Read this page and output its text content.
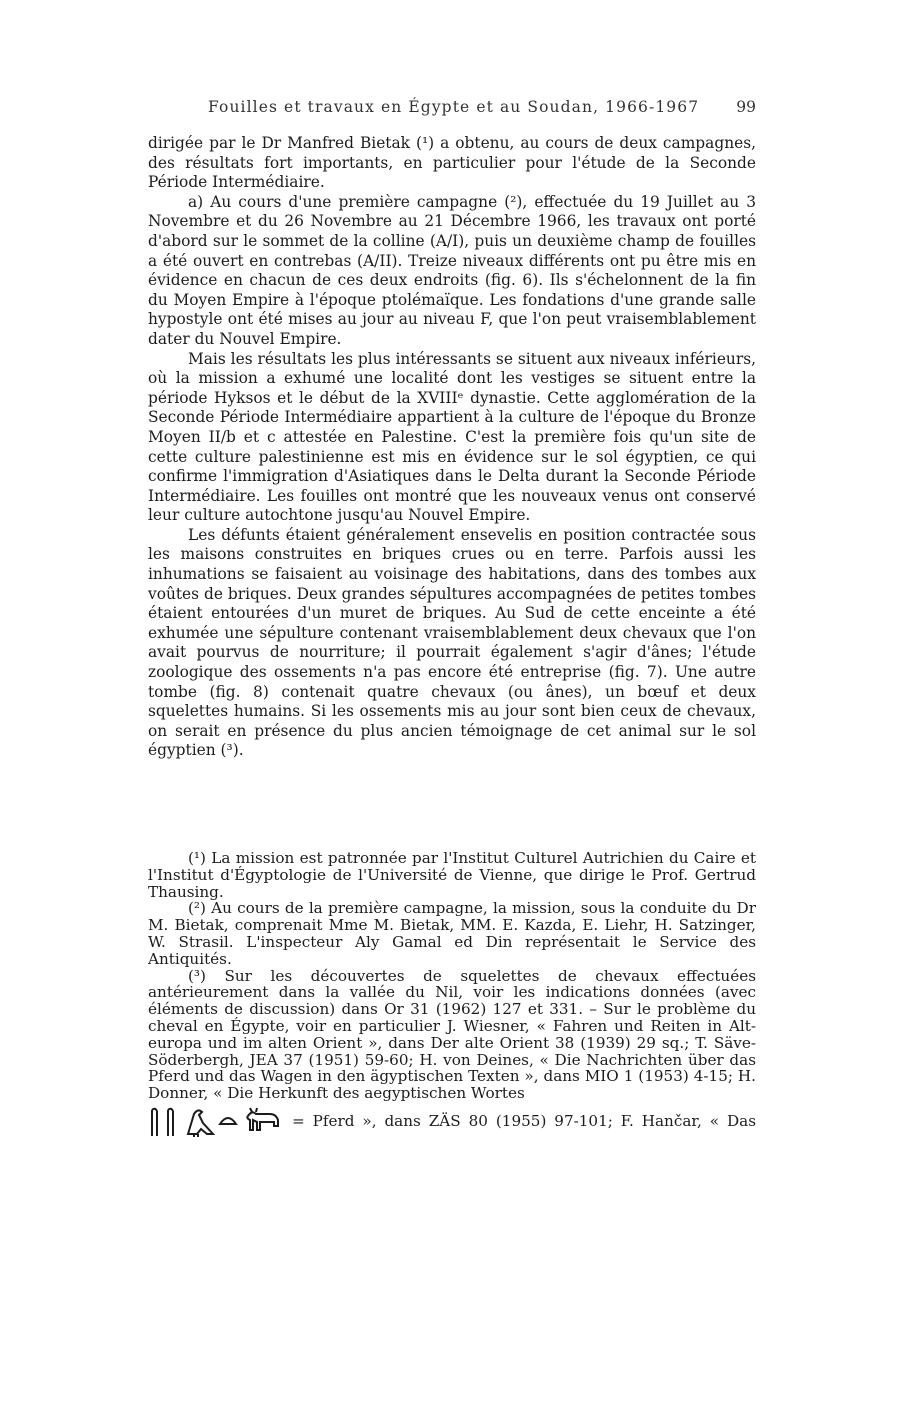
Fouilles et travaux en Égypte et au Soudan, 1966-1967 99

dirigée par le Dr Manfred Bietak (¹) a obtenu, au cours de deux campagnes, des résultats fort importants, en particulier pour l'étude de la Seconde Période Intermédiaire.

a) Au cours d'une première campagne (²), effectuée du 19 Juillet au 3 Novembre et du 26 Novembre au 21 Décembre 1966, les travaux ont porté d'abord sur le sommet de la colline (A/I), puis un deuxième champ de fouilles a été ouvert en contrebas (A/II). Treize niveaux différents ont pu être mis en évidence en chacun de ces deux endroits (fig. 6). Ils s'échelonnent de la fin du Moyen Empire à l'époque ptolémaïque. Les fondations d'une grande salle hypostyle ont été mises au jour au niveau F, que l'on peut vraisemblablement dater du Nouvel Empire.

Mais les résultats les plus intéressants se situent aux niveaux inférieurs, où la mission a exhumé une localité dont les vestiges se situent entre la période Hyksos et le début de la XVIIIᵉ dynastie. Cette agglomération de la Seconde Période Intermédiaire appartient à la culture de l'époque du Bronze Moyen II/b et c attestée en Palestine. C'est la première fois qu'un site de cette culture palestinienne est mis en évidence sur le sol égyptien, ce qui confirme l'immigration d'Asiatiques dans le Delta durant la Seconde Période Intermédiaire. Les fouilles ont montré que les nouveaux venus ont conservé leur culture autochtone jusqu'au Nouvel Empire.

Les défunts étaient généralement ensevelis en position contractée sous les maisons construites en briques crues ou en terre. Parfois aussi les inhumations se faisaient au voisinage des habitations, dans des tombes aux voûtes de briques. Deux grandes sépultures accompagnées de petites tombes étaient entourées d'un muret de briques. Au Sud de cette enceinte a été exhumée une sépulture contenant vraisemblablement deux chevaux que l'on avait pourvus de nourriture; il pourrait également s'agir d'ânes; l'étude zoologique des ossements n'a pas encore été entreprise (fig. 7). Une autre tombe (fig. 8) contenait quatre chevaux (ou ânes), un bœuf et deux squelettes humains. Si les ossements mis au jour sont bien ceux de chevaux, on serait en présence du plus ancien témoignage de cet animal sur le sol égyptien (³).

(¹) La mission est patronnée par l'Institut Culturel Autrichien du Caire et l'Institut d'Égyptologie de l'Université de Vienne, que dirige le Prof. Gertrud Thausing.

(²) Au cours de la première campagne, la mission, sous la conduite du Dr M. Bietak, comprenait Mme M. Bietak, MM. E. Kazda, E. Liehr, H. Satzinger, W. Strasil. L'inspecteur Aly Gamal ed Din représentait le Service des Antiquités.

(³) Sur les découvertes de squelettes de chevaux effectuées antérieurement dans la vallée du Nil, voir les indications données (avec éléments de discussion) dans Or 31 (1962) 127 et 331. – Sur le problème du cheval en Égypte, voir en particulier J. Wiesner, « Fahren und Reiten in Alt-europa und im alten Orient », dans Der alte Orient 38 (1939) 29 sq.; T. Säve-Söderbergh, JEA 37 (1951) 59-60; H. von Deines, « Die Nachrichten über das Pferd und das Wagen in den ägyptischen Texten », dans MIO 1 (1953) 4-15; H. Donner, « Die Herkunft des aegyptischen Wortes

= Pferd », dans ZÄS 80 (1955) 97-101; F. Hančar, « Das
